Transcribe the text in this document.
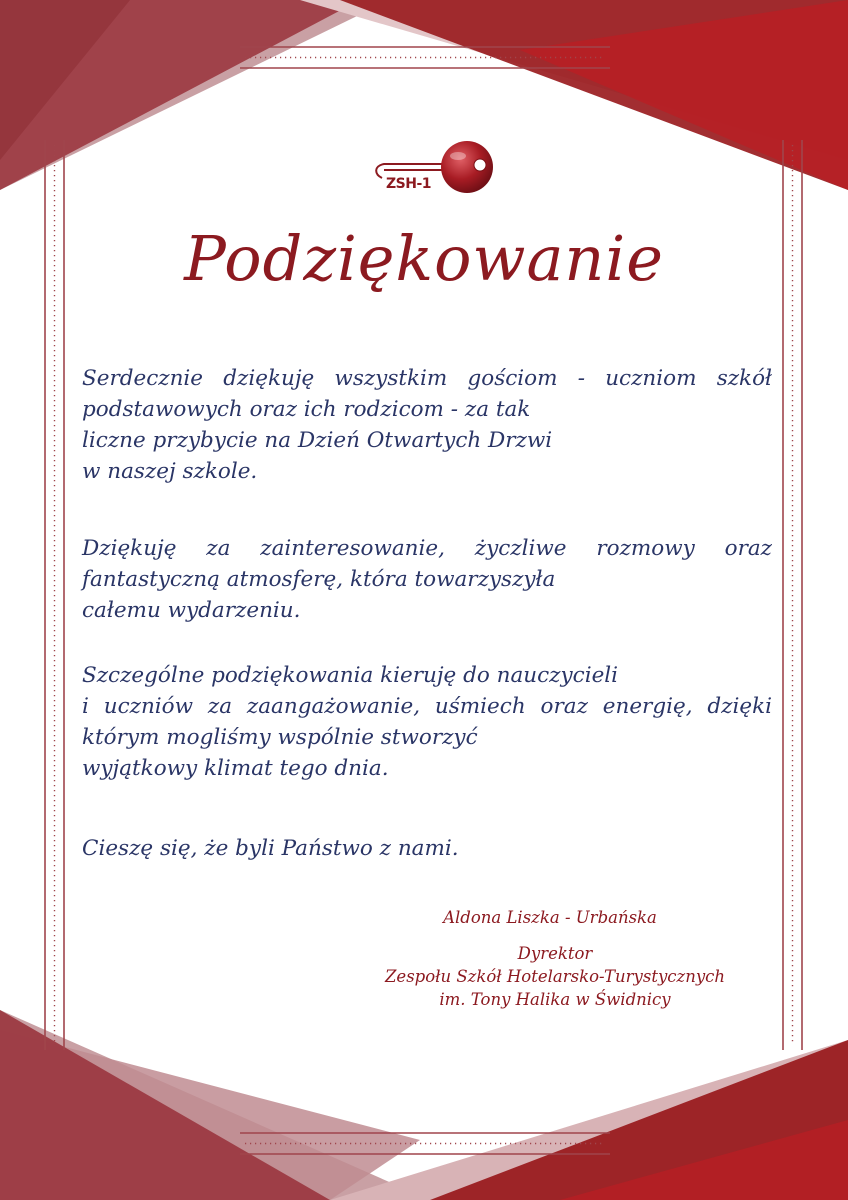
ZSH-1
Podziękowanie
Serdecznie dziękuję wszystkim gościom - uczniom szkół podstawowych oraz ich rodzicom - za tak
liczne przybycie na Dzień Otwartych Drzwi
w naszej szkole.
Dziękuję za zainteresowanie, życzliwe rozmowy oraz fantastyczną atmosferę, która towarzyszyła
całemu wydarzeniu.
Szczególne podziękowania kieruję do nauczycieli
i uczniów za zaangażowanie, uśmiech oraz energię, dzięki którym mogliśmy wspólnie stworzyć
wyjątkowy klimat tego dnia.
Cieszę się, że byli Państwo z nami.
Aldona Liszka - Urbańska
Dyrektor
Zespołu Szkół Hotelarsko-Turystycznych
im. Tony Halika w Świdnicy
